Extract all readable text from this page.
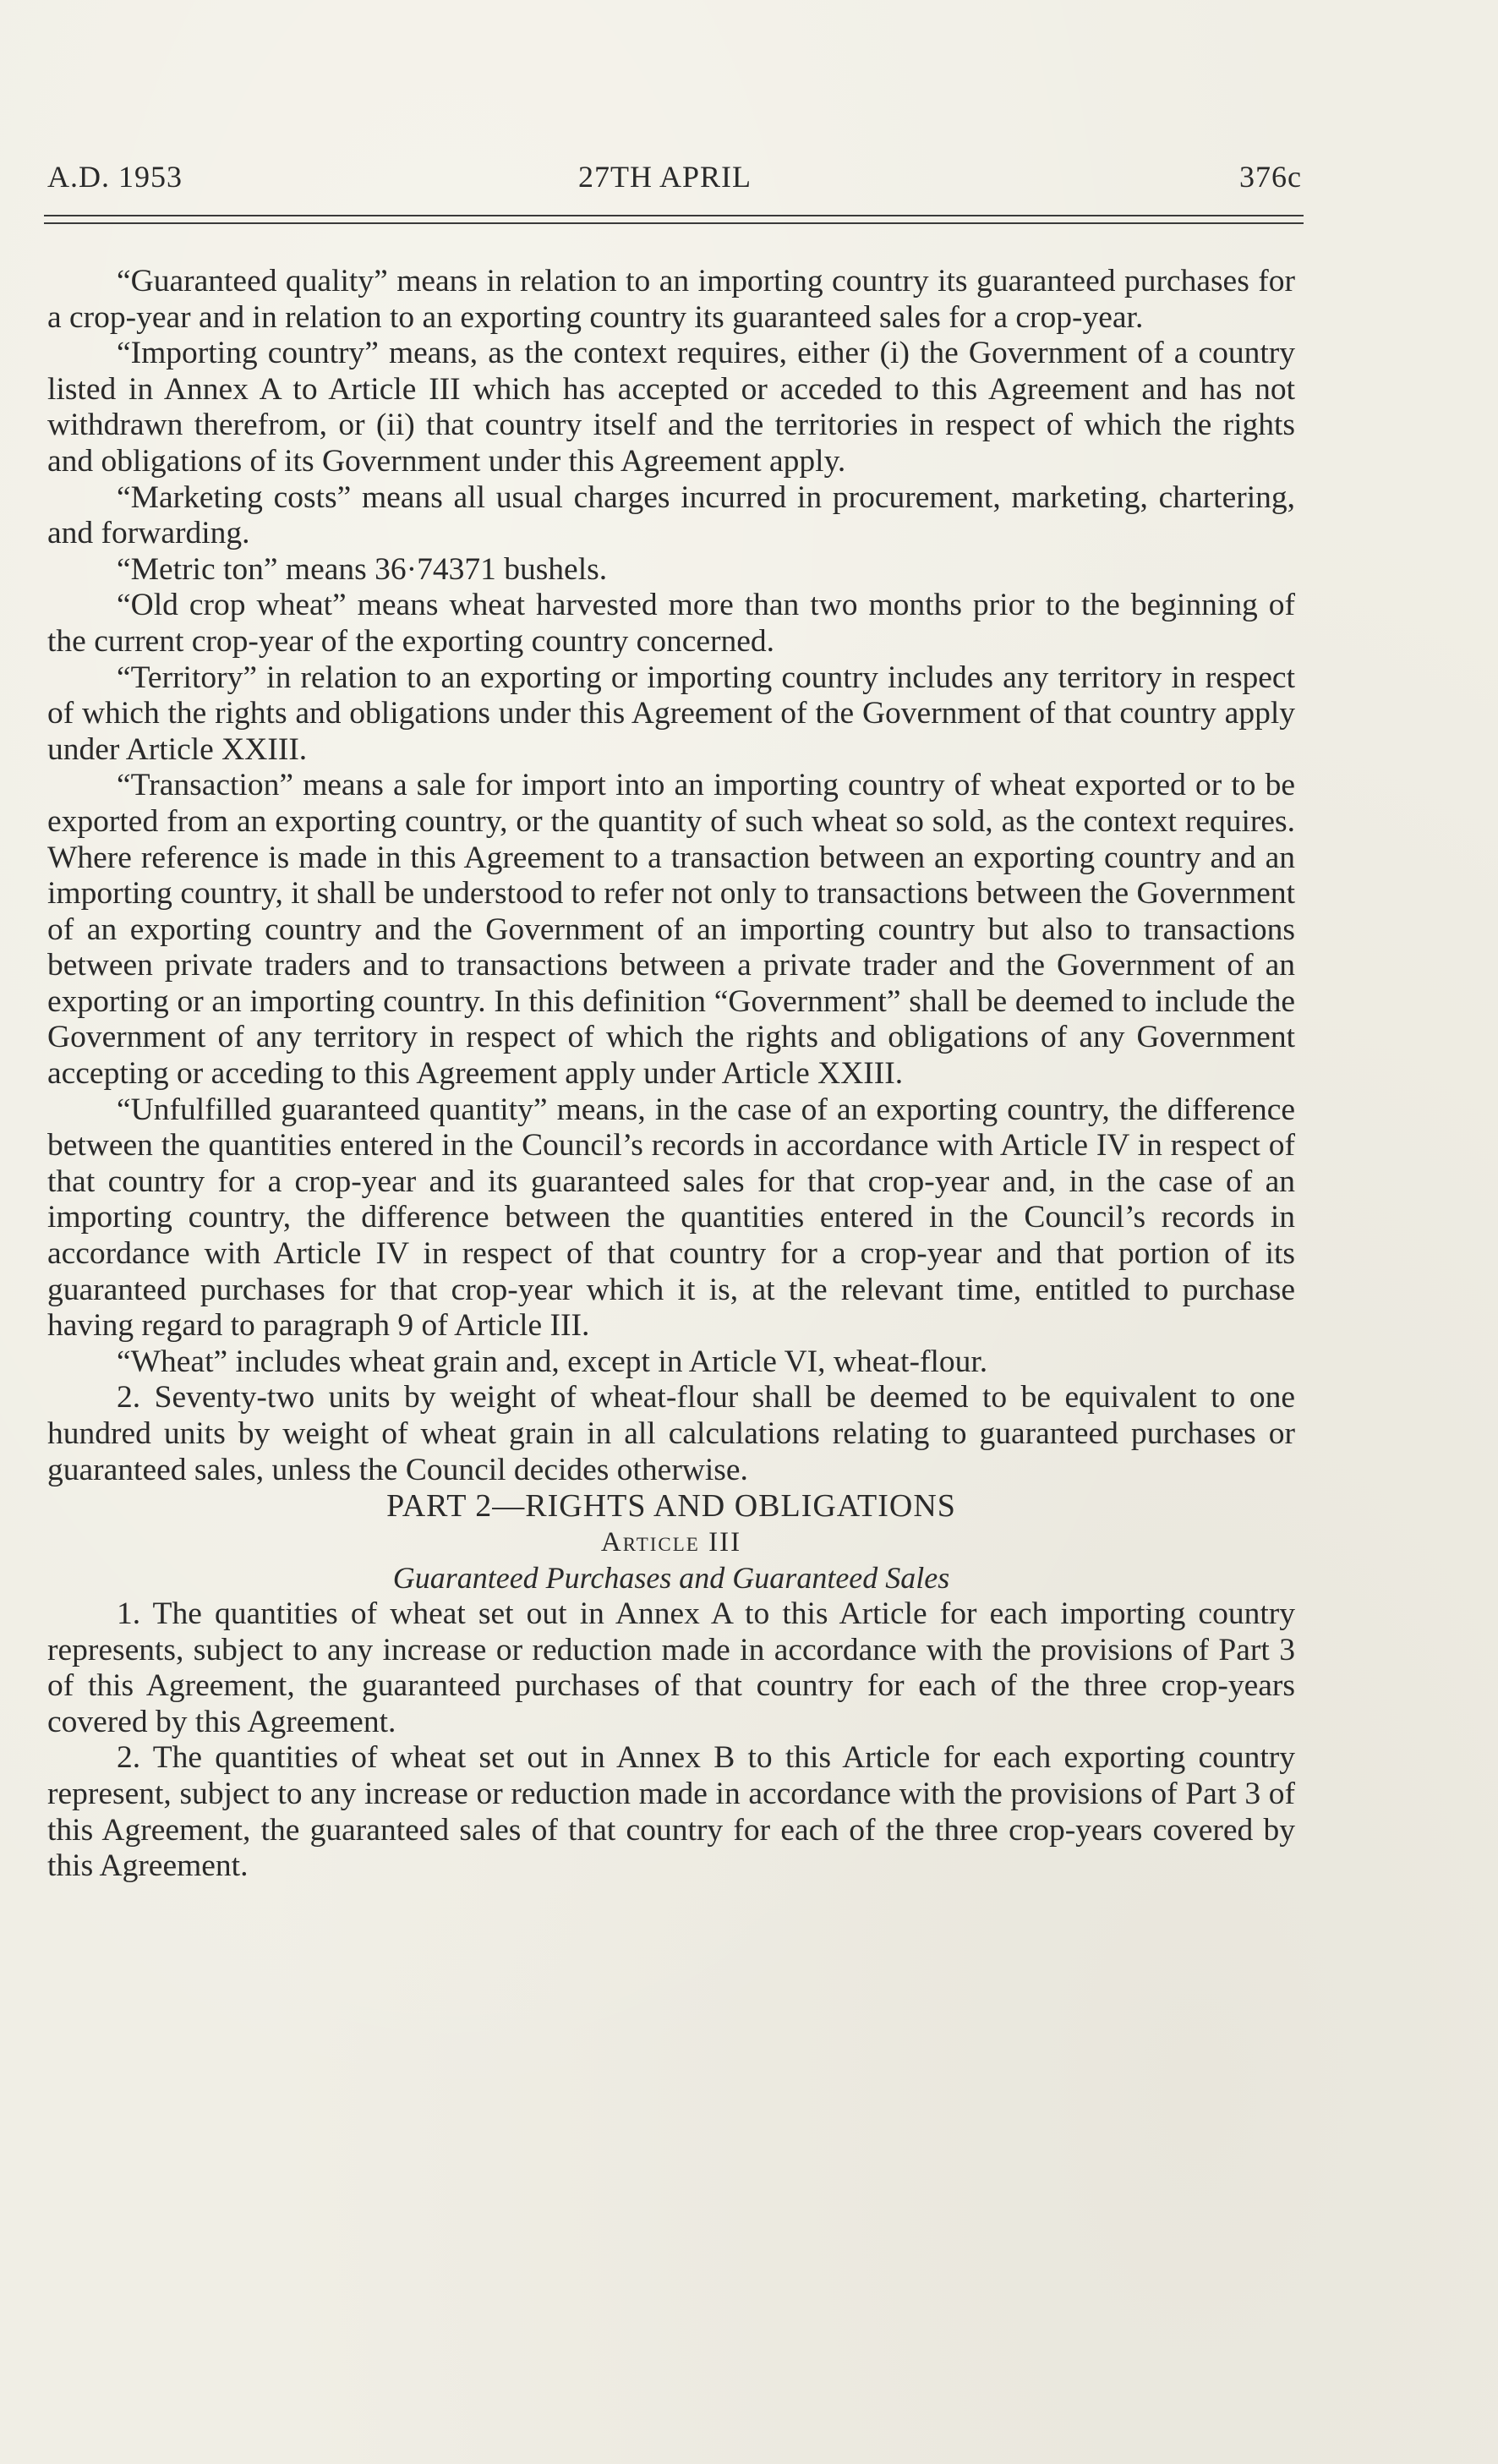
A.D. 1953	27TH APRIL	376c

“Guaranteed quality” means in relation to an importing country its guaranteed purchases for a crop-year and in relation to an exporting country its guaranteed sales for a crop-year.

“Importing country” means, as the context requires, either (i) the Government of a country listed in Annex A to Article III which has accepted or acceded to this Agreement and has not withdrawn therefrom, or (ii) that country itself and the territories in respect of which the rights and obligations of its Government under this Agreement apply.

“Marketing costs” means all usual charges incurred in procurement, marketing, chartering, and forwarding.

“Metric ton” means 36·74371 bushels.

“Old crop wheat” means wheat harvested more than two months prior to the beginning of the current crop-year of the exporting country concerned.

“Territory” in relation to an exporting or importing country includes any territory in respect of which the rights and obligations under this Agreement of the Government of that country apply under Article XXIII.

“Transaction” means a sale for import into an importing country of wheat exported or to be exported from an exporting country, or the quantity of such wheat so sold, as the context requires. Where reference is made in this Agreement to a transaction between an exporting country and an importing country, it shall be understood to refer not only to transactions between the Government of an exporting country and the Government of an importing country but also to transactions between private traders and to transactions between a private trader and the Government of an exporting or an importing country. In this definition “Government” shall be deemed to include the Government of any territory in respect of which the rights and obligations of any Government accepting or acceding to this Agreement apply under Article XXIII.

“Unfulfilled guaranteed quantity” means, in the case of an exporting country, the difference between the quantities entered in the Council’s records in accordance with Article IV in respect of that country for a crop-year and its guaranteed sales for that crop-year and, in the case of an importing country, the difference between the quantities entered in the Council’s records in accordance with Article IV in respect of that country for a crop-year and that portion of its guaranteed purchases for that crop-year which it is, at the relevant time, entitled to purchase having regard to paragraph 9 of Article III.

“Wheat” includes wheat grain and, except in Article VI, wheat-flour.

2. Seventy-two units by weight of wheat-flour shall be deemed to be equivalent to one hundred units by weight of wheat grain in all calculations relating to guaranteed purchases or guaranteed sales, unless the Council decides otherwise.

PART 2—RIGHTS AND OBLIGATIONS

Article III

Guaranteed Purchases and Guaranteed Sales

1. The quantities of wheat set out in Annex A to this Article for each importing country represents, subject to any increase or reduction made in accordance with the provisions of Part 3 of this Agreement, the guaranteed purchases of that country for each of the three crop-years covered by this Agreement.

2. The quantities of wheat set out in Annex B to this Article for each exporting country represent, subject to any increase or reduction made in accordance with the provisions of Part 3 of this Agreement, the guaranteed sales of that country for each of the three crop-years covered by this Agreement.
